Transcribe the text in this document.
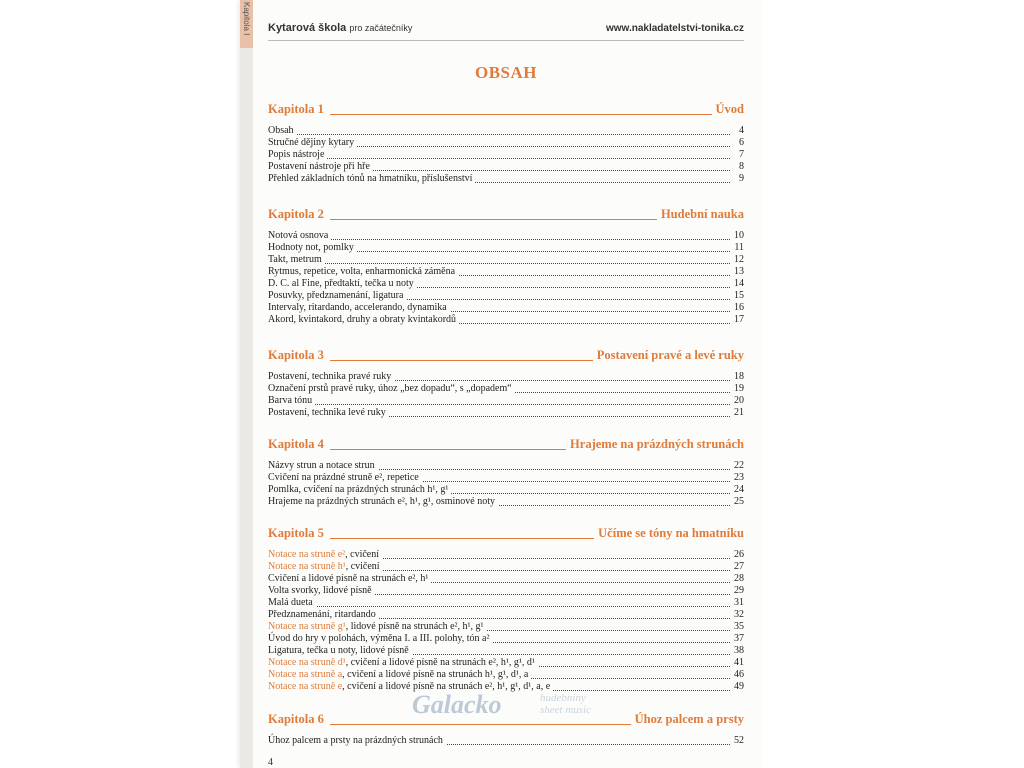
Kapitola I Kytarová škola pro začátečníky	www.nakladatelstvi-tonika.cz
OBSAH
Kapitola 1	Úvod
Obsah	4
Stručné dějiny kytary	6
Popis nástroje	7
Postavení nástroje při hře	8
Přehled základních tónů na hmatníku, příslušenství	9
Kapitola 2	Hudební nauka
Notová osnova	10
Hodnoty not, pomlky	11
Takt, metrum	12
Rytmus, repetice, volta, enharmonická záměna	13
D. C. al Fine, předtaktí, tečka u noty	14
Posuvky, předznamenání, ligatura	15
Intervaly, ritardando, accelerando, dynamika	16
Akord, kvintakord, druhy a obraty kvintakordů	17
Kapitola 3	Postavení pravé a levé ruky
Postavení, technika pravé ruky	18
Označení prstů pravé ruky, úhoz „bez dopadu“, s „dopadem“	19
Barva tónu	20
Postavení, technika levé ruky	21
Kapitola 4	Hrajeme na prázdných strunách
Názvy strun a notace strun	22
Cvičení na prázdné struně e², repetice	23
Pomlka, cvičení na prázdných strunách h¹, g¹	24
Hrajeme na prázdných strunách e², h¹, g¹, osminové noty	25
Kapitola 5	Učíme se tóny na hmatníku
Notace na struně e², cvičení	26
Notace na struně h¹, cvičení	27
Cvičení a lidové písně na strunách e², h¹	28
Volta svorky, lidové písně	29
Malá dueta	31
Předznamenání, ritardando	32
Notace na struně g¹, lidové písně na strunách e², h¹, g¹	35
Úvod do hry v polohách, výměna I. a III. polohy, tón a²	37
Ligatura, tečka u noty, lidové písně	38
Notace na struně d¹, cvičení a lidové písně na strunách e², h¹, g¹, d¹	41
Notace na struně a, cvičení a lidové písně na strunách h¹, g¹, d¹, a	46
Notace na struně e, cvičení a lidové písně na strunách e², h¹, g¹, d¹, a, e	49
Kapitola 6	Úhoz palcem a prsty
Úhoz palcem a prsty na prázdných strunách	52
Galacko	hudebniny
sheet music
4
